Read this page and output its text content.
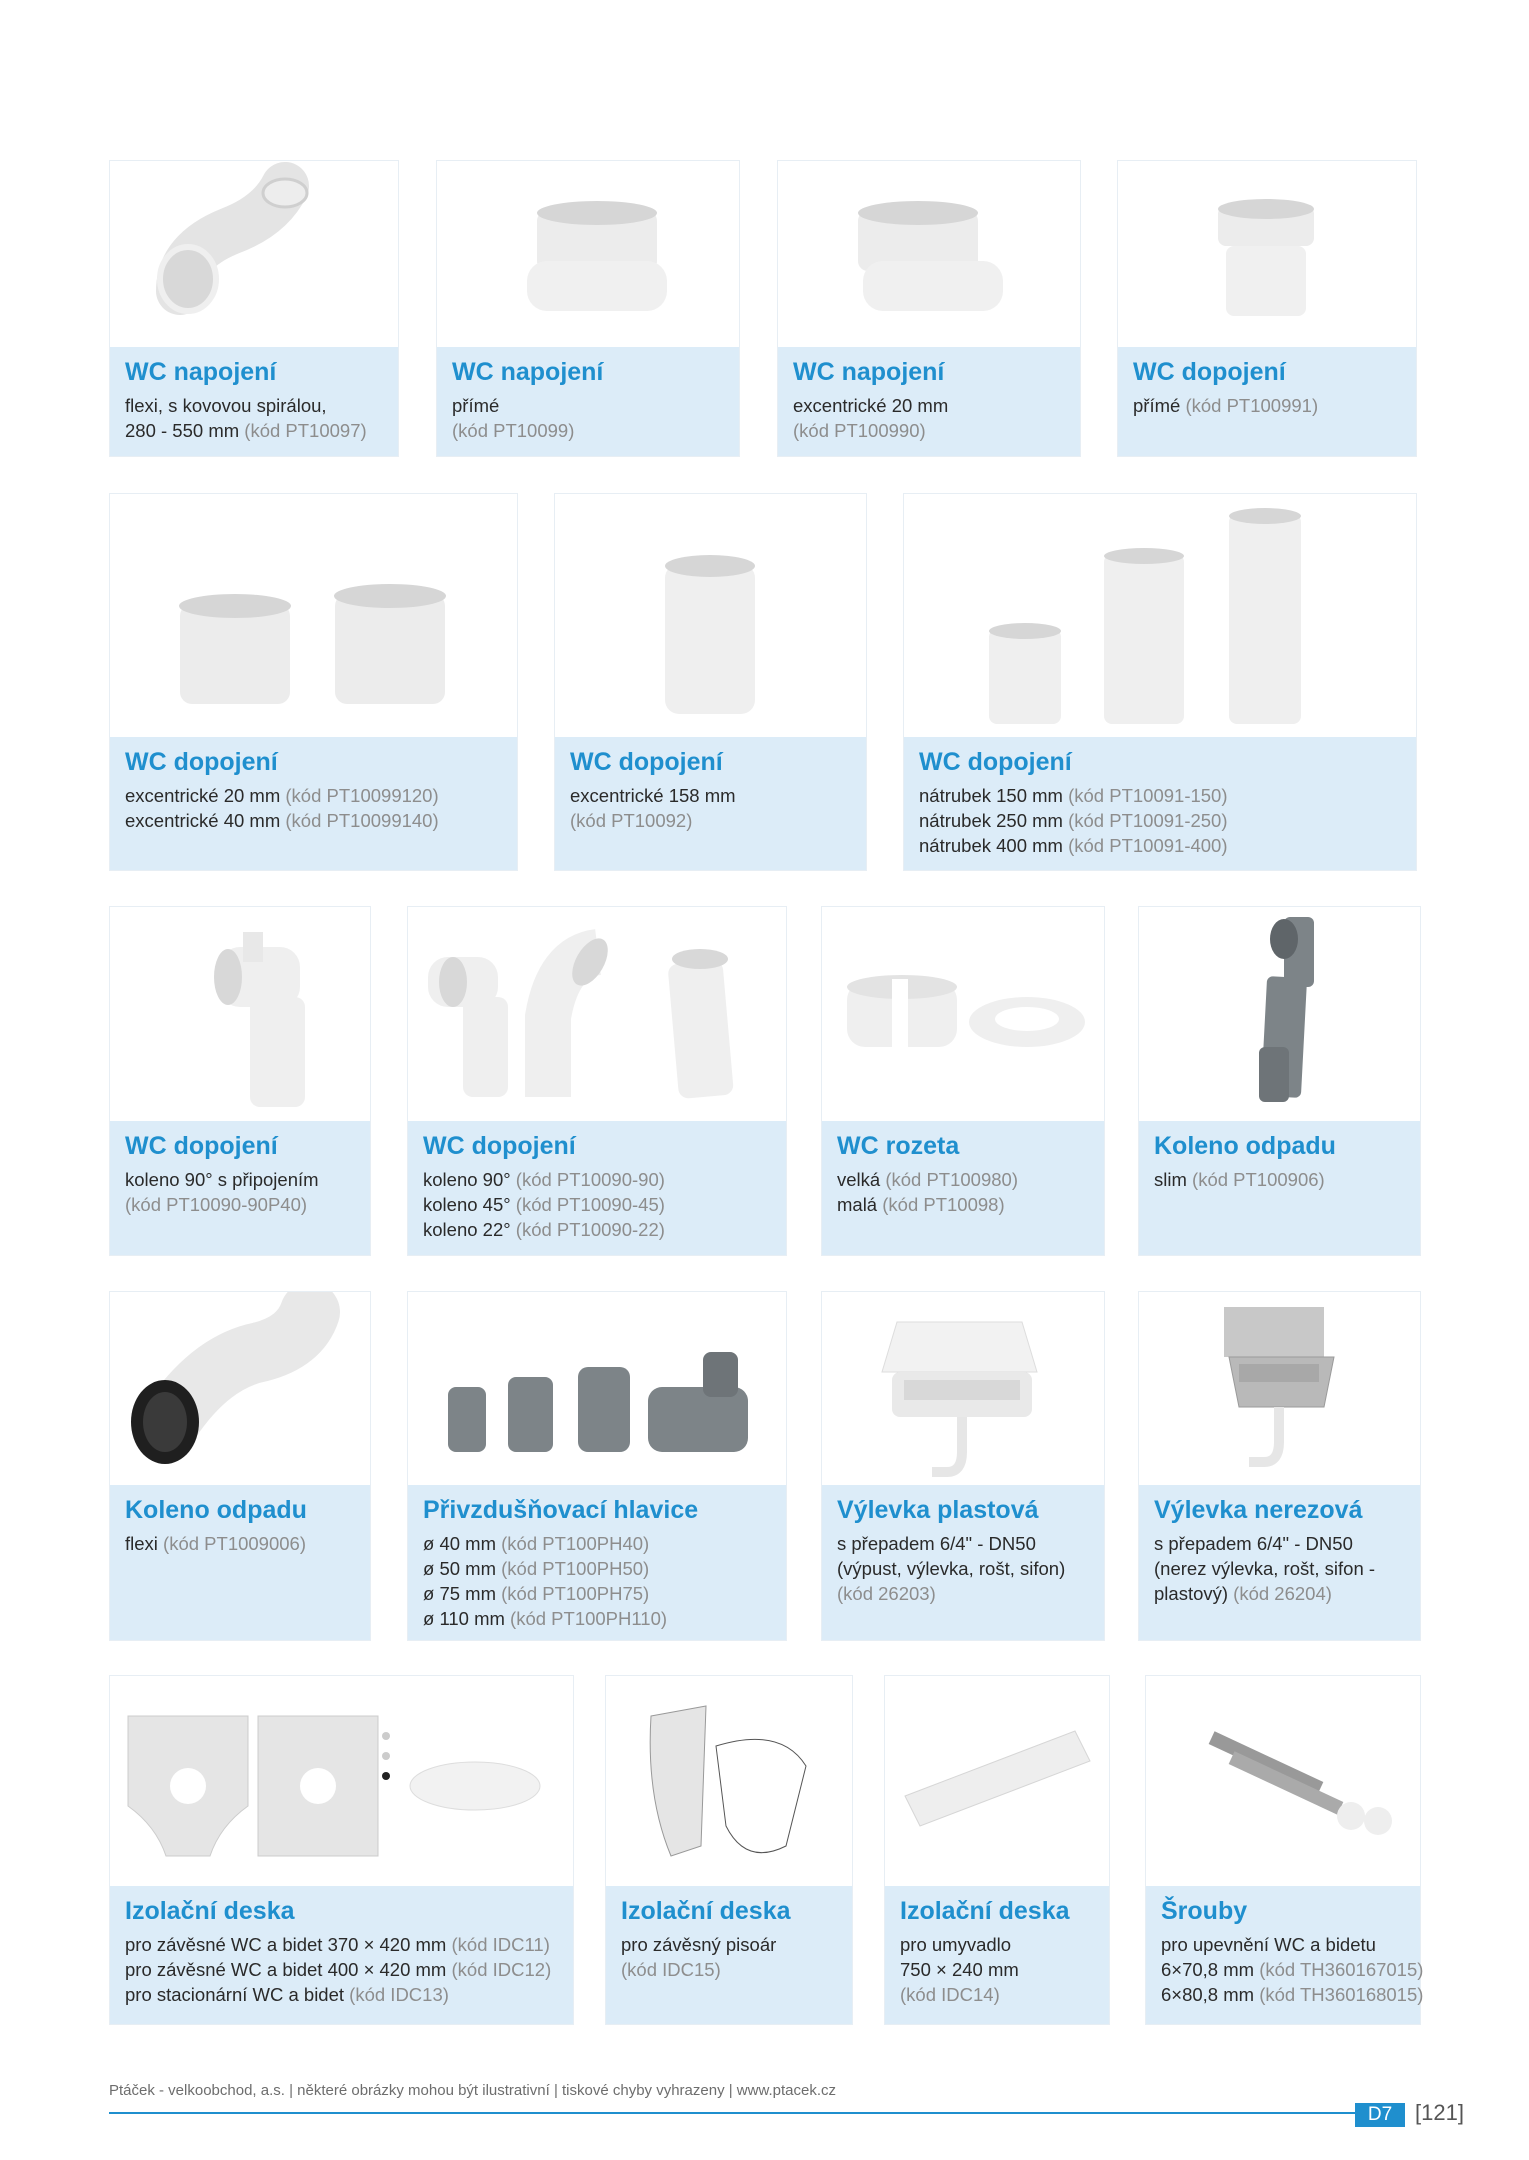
WC napojení
flexi, s kovovou spirálou,
280 - 550 mm (kód PT10097)
WC napojení
přímé
(kód PT10099)
WC napojení
excentrické 20 mm
(kód PT100990)
WC dopojení
přímé (kód PT100991)
WC dopojení
excentrické 20 mm (kód PT10099120)
excentrické 40 mm (kód PT10099140)
WC dopojení
excentrické 158 mm
(kód PT10092)
WC dopojení
nátrubek 150 mm (kód PT10091-150)
nátrubek 250 mm (kód PT10091-250)
nátrubek 400 mm (kód PT10091-400)
WC dopojení
koleno 90° s připojením
(kód PT10090-90P40)
WC dopojení
koleno 90° (kód PT10090-90)
koleno 45° (kód PT10090-45)
koleno 22° (kód PT10090-22)
WC rozeta
velká (kód PT100980)
malá (kód PT10098)
Koleno odpadu
slim (kód PT100906)
Koleno odpadu
flexi (kód PT1009006)
Přivzdušňovací hlavice
ø 40 mm (kód PT100PH40)
ø 50 mm (kód PT100PH50)
ø 75 mm (kód PT100PH75)
ø 110 mm (kód PT100PH110)
Výlevka plastová
s přepadem 6/4" - DN50
(výpust, výlevka, rošt, sifon)
(kód 26203)
Výlevka nerezová
s přepadem 6/4" - DN50
(nerez výlevka, rošt, sifon -
plastový) (kód 26204)
Izolační deska
pro závěsné WC a bidet 370 × 420 mm (kód IDC11)
pro závěsné WC a bidet 400 × 420 mm (kód IDC12)
pro stacionární WC a bidet (kód IDC13)
Izolační deska
pro závěsný pisoár
(kód IDC15)
Izolační deska
pro umyvadlo
750 × 240 mm
(kód IDC14)
Šrouby
pro upevnění WC a bidetu
6×70,8 mm (kód TH360167015)
6×80,8 mm (kód TH360168015)
Ptáček - velkoobchod, a.s. | některé obrázky mohou být ilustrativní | tiskové chyby vyhrazeny | www.ptacek.cz
D7	[121]
